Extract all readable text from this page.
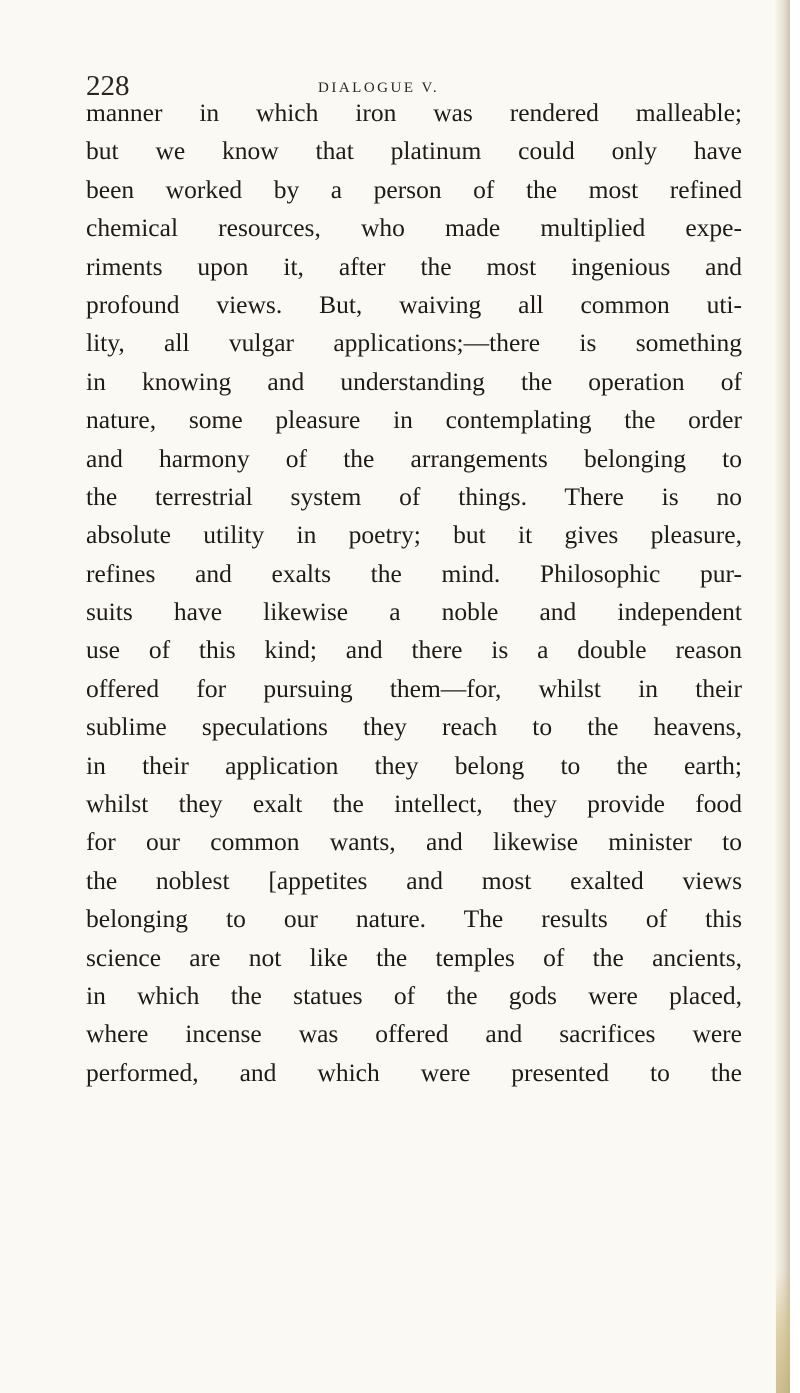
228	DIALOGUE V.
manner in which iron was rendered malleable;
but we know that platinum could only have
been worked by a person of the most refined
chemical resources, who made multiplied expe-
riments upon it, after the most ingenious and
profound views. But, waiving all common uti-
lity, all vulgar applications;—there is something
in knowing and understanding the operation of
nature, some pleasure in contemplating the order
and harmony of the arrangements belonging to
the terrestrial system of things. There is no
absolute utility in poetry; but it gives pleasure,
refines and exalts the mind. Philosophic pur-
suits have likewise a noble and independent
use of this kind; and there is a double reason
offered for pursuing them—for, whilst in their
sublime speculations they reach to the heavens,
in their application they belong to the earth;
whilst they exalt the intellect, they provide food
for our common wants, and likewise minister to
the noblest [appetites and most exalted views
belonging to our nature. The results of this
science are not like the temples of the ancients,
in which the statues of the gods were placed,
where incense was offered and sacrifices were
performed, and which were presented to the
